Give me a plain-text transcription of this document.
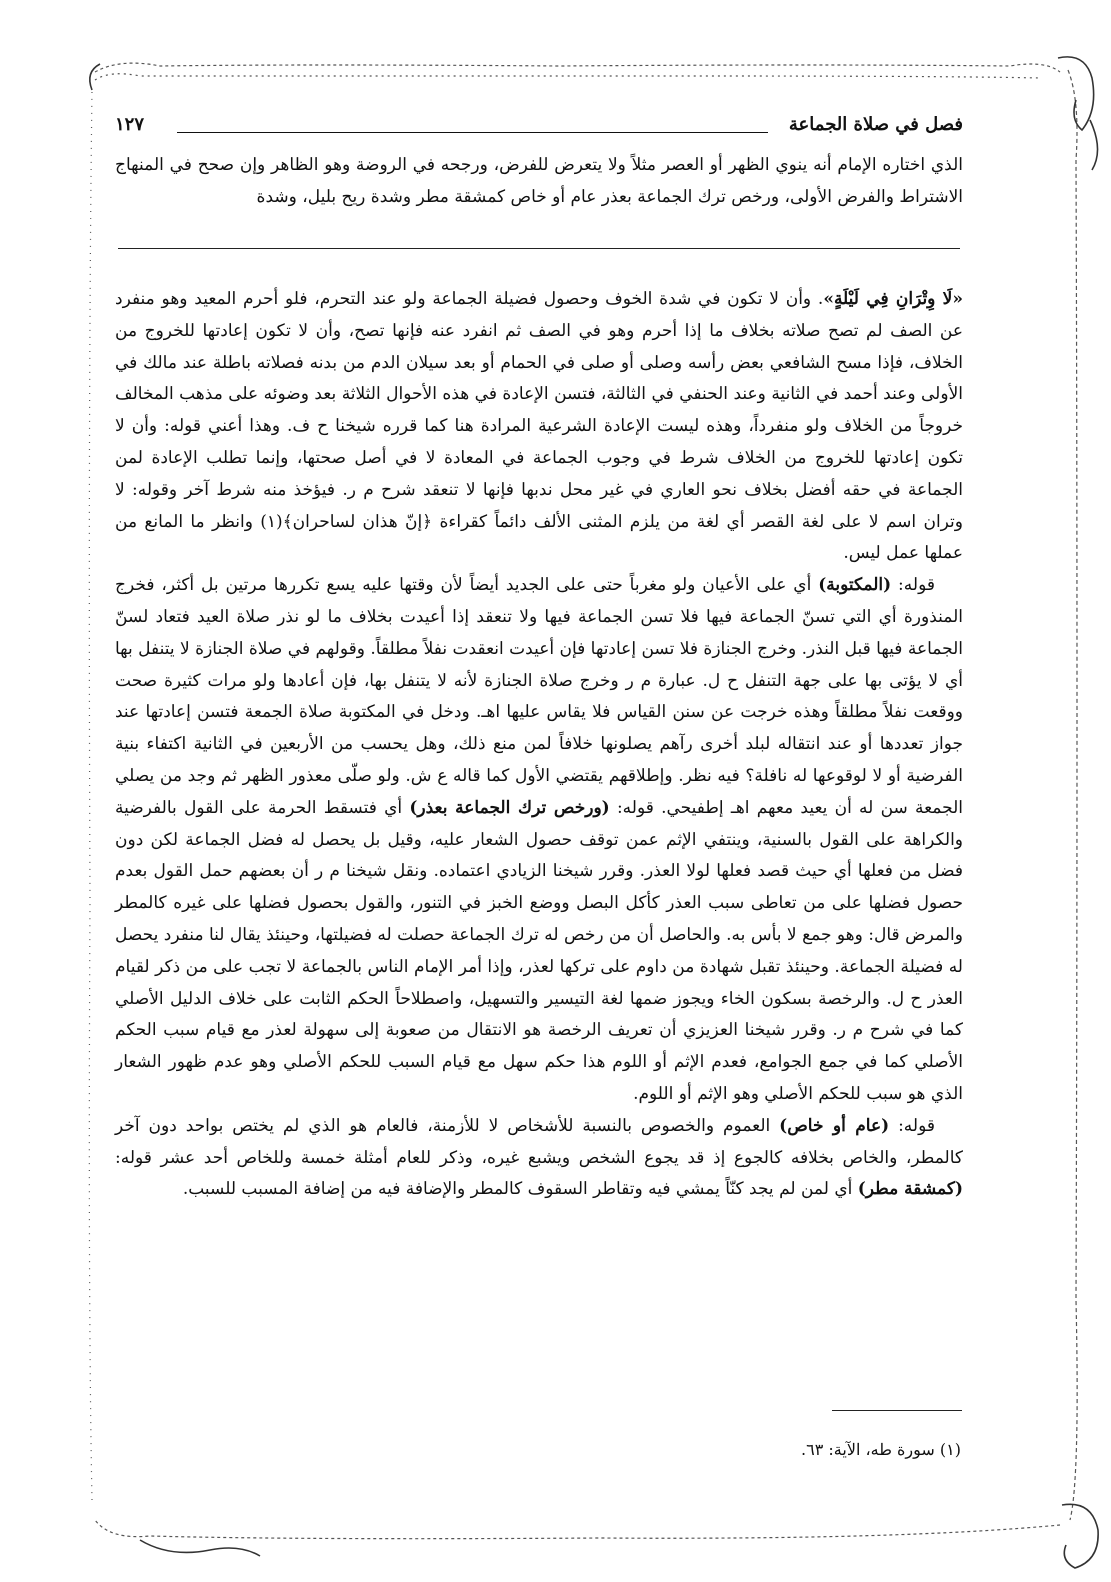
فصل في صلاة الجماعة
١٢٧

الذي اختاره الإمام أنه ينوي الظهر أو العصر مثلاً ولا يتعرض للفرض، ورجحه في الروضة وهو الظاهر وإن صحح في المنهاج الاشتراط والفرض الأولى، ورخص ترك الجماعة بعذر عام أو خاص كمشقة مطر وشدة ريح بليل، وشدة

«لَا وِتْرَانِ فِي لَيْلَةٍ». وأن لا تكون في شدة الخوف وحصول فضيلة الجماعة ولو عند التحرم، فلو أحرم المعيد وهو منفرد عن الصف لم تصح صلاته بخلاف ما إذا أحرم وهو في الصف ثم انفرد عنه فإنها تصح، وأن لا تكون إعادتها للخروج من الخلاف، فإذا مسح الشافعي بعض رأسه وصلى أو صلى في الحمام أو بعد سيلان الدم من بدنه فصلاته باطلة عند مالك في الأولى وعند أحمد في الثانية وعند الحنفي في الثالثة، فتسن الإعادة في هذه الأحوال الثلاثة بعد وضوئه على مذهب المخالف خروجاً من الخلاف ولو منفرداً، وهذه ليست الإعادة الشرعية المرادة هنا كما قرره شيخنا ح ف. وهذا أعني قوله: وأن لا تكون إعادتها للخروج من الخلاف شرط في وجوب الجماعة في المعادة لا في أصل صحتها، وإنما تطلب الإعادة لمن الجماعة في حقه أفضل بخلاف نحو العاري في غير محل ندبها فإنها لا تنعقد شرح م ر. فيؤخذ منه شرط آخر وقوله: لا وتران اسم لا على لغة القصر أي لغة من يلزم المثنى الألف دائماً كقراءة ﴿إنّ هذان لساحران﴾(١) وانظر ما المانع من عملها عمل ليس.

قوله: (المكتوبة) أي على الأعيان ولو مغرباً حتى على الجديد أيضاً لأن وقتها عليه يسع تكررها مرتين بل أكثر، فخرج المنذورة أي التي تسنّ الجماعة فيها فلا تسن الجماعة فيها ولا تنعقد إذا أعيدت بخلاف ما لو نذر صلاة العيد فتعاد لسنّ الجماعة فيها قبل النذر. وخرج الجنازة فلا تسن إعادتها فإن أعيدت انعقدت نفلاً مطلقاً. وقولهم في صلاة الجنازة لا يتنفل بها أي لا يؤتى بها على جهة التنفل ح ل. عبارة م ر وخرج صلاة الجنازة لأنه لا يتنفل بها، فإن أعادها ولو مرات كثيرة صحت ووقعت نفلاً مطلقاً وهذه خرجت عن سنن القياس فلا يقاس عليها اهـ. ودخل في المكتوبة صلاة الجمعة فتسن إعادتها عند جواز تعددها أو عند انتقاله لبلد أخرى رآهم يصلونها خلافاً لمن منع ذلك، وهل يحسب من الأربعين في الثانية اكتفاء بنية الفرضية أو لا لوقوعها له نافلة؟ فيه نظر. وإطلاقهم يقتضي الأول كما قاله ع ش. ولو صلّى معذور الظهر ثم وجد من يصلي الجمعة سن له أن يعيد معهم اهـ إطفيحي. قوله: (ورخص ترك الجماعة بعذر) أي فتسقط الحرمة على القول بالفرضية والكراهة على القول بالسنية، وينتفي الإثم عمن توقف حصول الشعار عليه، وقيل بل يحصل له فضل الجماعة لكن دون فضل من فعلها أي حيث قصد فعلها لولا العذر. وقرر شيخنا الزيادي اعتماده. ونقل شيخنا م ر أن بعضهم حمل القول بعدم حصول فضلها على من تعاطى سبب العذر كأكل البصل ووضع الخبز في التنور، والقول بحصول فضلها على غيره كالمطر والمرض قال: وهو جمع لا بأس به. والحاصل أن من رخص له ترك الجماعة حصلت له فضيلتها، وحينئذ يقال لنا منفرد يحصل له فضيلة الجماعة. وحينئذ تقبل شهادة من داوم على تركها لعذر، وإذا أمر الإمام الناس بالجماعة لا تجب على من ذكر لقيام العذر ح ل. والرخصة بسكون الخاء ويجوز ضمها لغة التيسير والتسهيل، واصطلاحاً الحكم الثابت على خلاف الدليل الأصلي كما في شرح م ر. وقرر شيخنا العزيزي أن تعريف الرخصة هو الانتقال من صعوبة إلى سهولة لعذر مع قيام سبب الحكم الأصلي كما في جمع الجوامع، فعدم الإثم أو اللوم هذا حكم سهل مع قيام السبب للحكم الأصلي وهو عدم ظهور الشعار الذي هو سبب للحكم الأصلي وهو الإثم أو اللوم.

قوله: (عام أو خاص) العموم والخصوص بالنسبة للأشخاص لا للأزمنة، فالعام هو الذي لم يختص بواحد دون آخر كالمطر، والخاص بخلافه كالجوع إذ قد يجوع الشخص ويشبع غيره، وذكر للعام أمثلة خمسة وللخاص أحد عشر قوله: (كمشقة مطر) أي لمن لم يجد كنّاً يمشي فيه وتقاطر السقوف كالمطر والإضافة فيه من إضافة المسبب للسبب.

(١) سورة طه، الآية: ٦٣.
